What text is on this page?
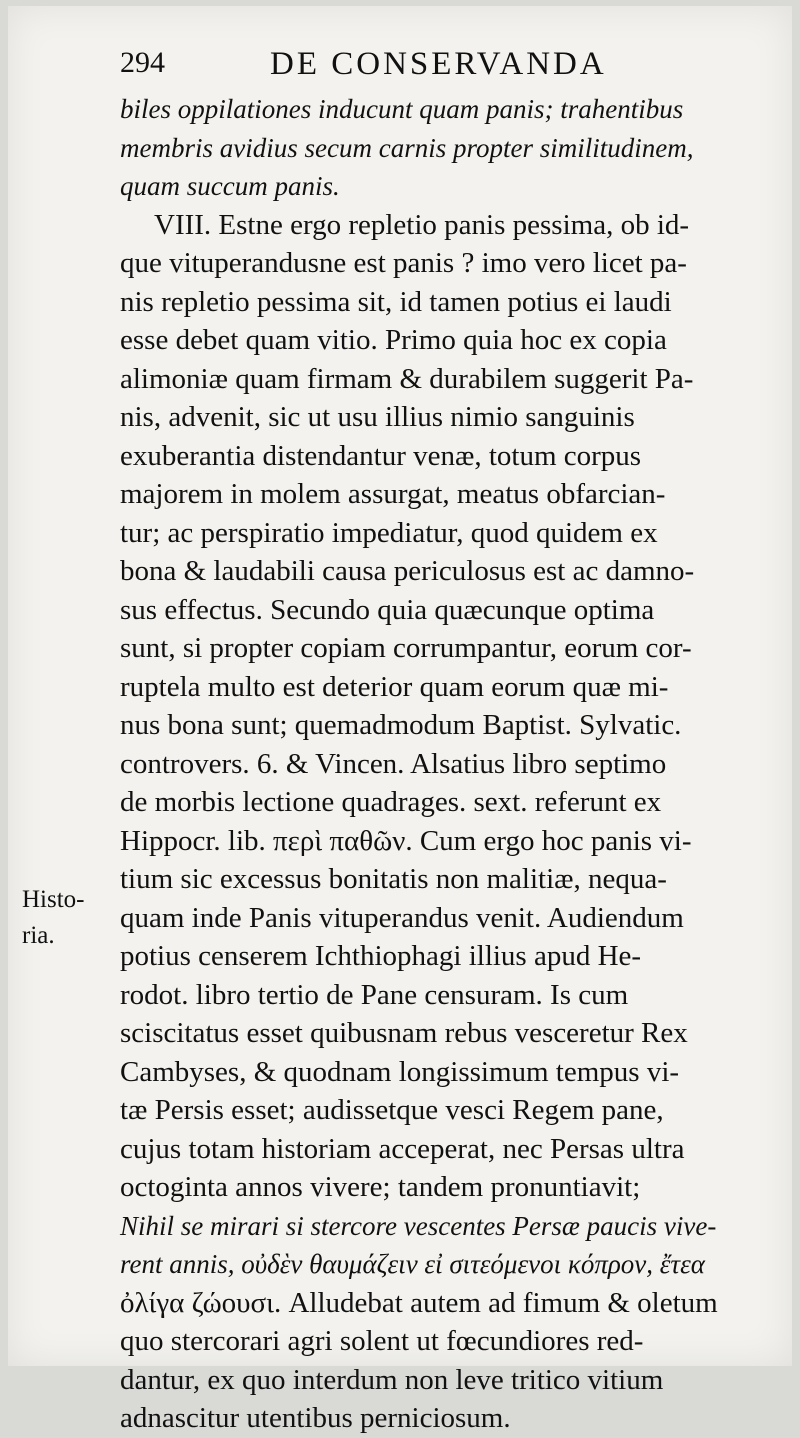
294	DE CONSERVANDA
Histo-
ria.
biles oppilationes inducunt quam panis; trahentibus
membris avidius secum carnis propter similitudinem,
quam succum panis.
VIII. Estne ergo repletio panis pessima, ob id-
que vituperandusne est panis ? imo vero licet pa-
nis repletio pessima sit, id tamen potius ei laudi
esse debet quam vitio. Primo quia hoc ex copia
alimoniæ quam firmam & durabilem suggerit Pa-
nis, advenit, sic ut usu illius nimio sanguinis
exuberantia distendantur venæ, totum corpus
majorem in molem assurgat, meatus obfarcian-
tur; ac perspiratio impediatur, quod quidem ex
bona & laudabili causa periculosus est ac damno-
sus effectus. Secundo quia quæcunque optima
sunt, si propter copiam corrumpantur, eorum cor-
ruptela multo est deterior quam eorum quæ mi-
nus bona sunt; quemadmodum Baptist. Sylvatic.
controvers. 6. & Vincen. Alsatius libro septimo
de morbis lectione quadrages. sext. referunt ex
Hippocr. lib. περὶ παθῶν. Cum ergo hoc panis vi-
tium sic excessus bonitatis non malitiæ, nequa-
quam inde Panis vituperandus venit. Audiendum
potius censerem Ichthiophagi illius apud He-
rodot. libro tertio de Pane censuram. Is cum
sciscitatus esset quibusnam rebus vesceretur Rex
Cambyses, & quodnam longissimum tempus vi-
tæ Persis esset; audissetque vesci Regem pane,
cujus totam historiam acceperat, nec Persas ultra
octoginta annos vivere; tandem pronuntiavit;
Nihil se mirari si stercore vescentes Persæ paucis vive-
rent annis, οὐδὲν θαυμάζειν εἰ σιτεόμενοι κόπρον, ἔτεα
ὀλίγα ζώουσι. Alludebat autem ad fimum & oletum
quo stercorari agri solent ut fœcundiores red-
dantur, ex quo interdum non leve tritico vitium
adnascitur utentibus perniciosum.
